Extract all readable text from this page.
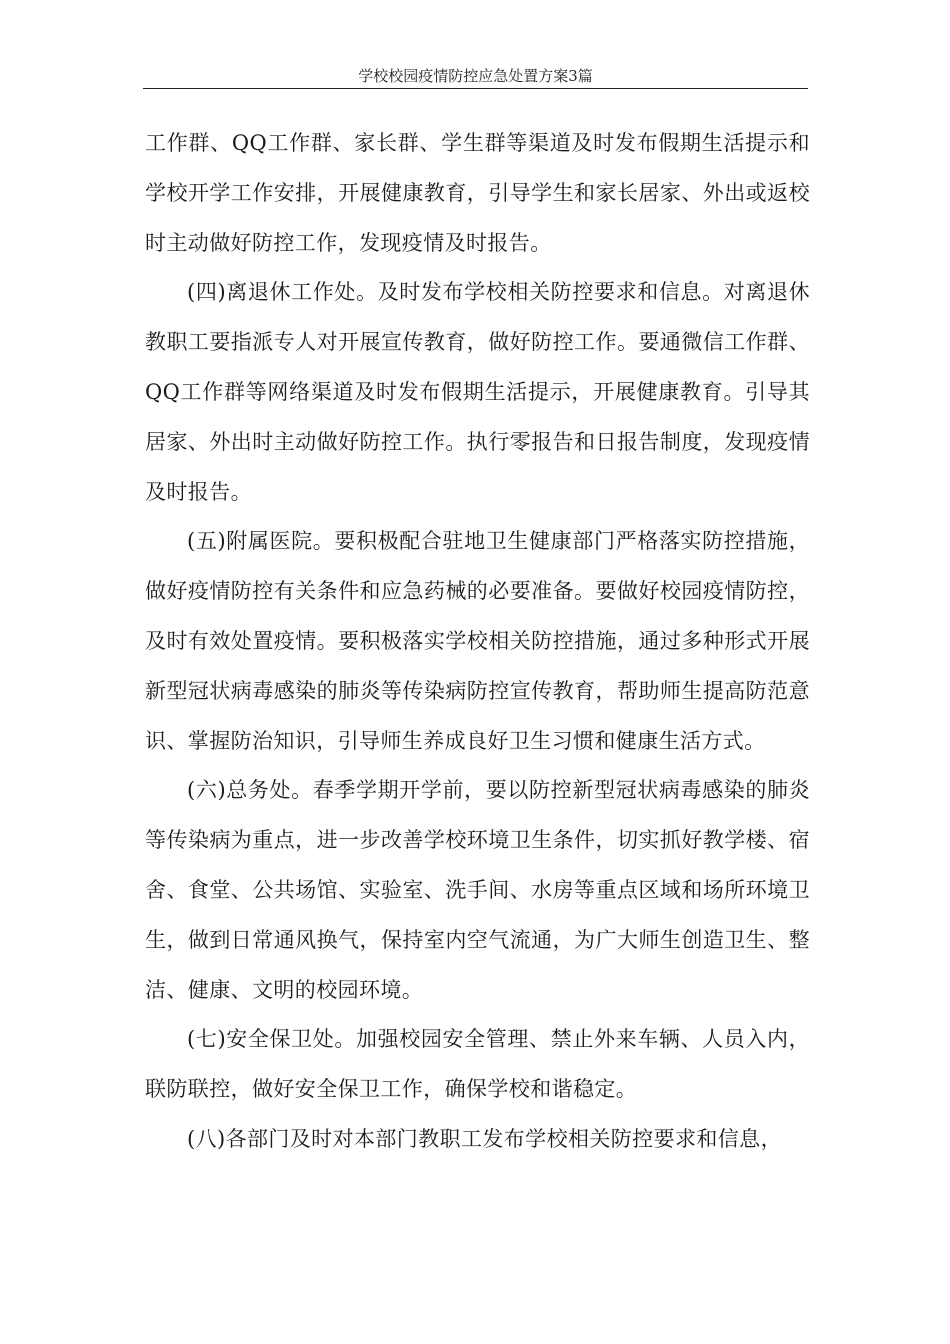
学校校园疫情防控应急处置方案3篇

工作群、QQ工作群、家长群、学生群等渠道及时发布假期生活提示和学校开学工作安排，开展健康教育，引导学生和家长居家、外出或返校时主动做好防控工作，发现疫情及时报告。

(四)离退休工作处。及时发布学校相关防控要求和信息。对离退休教职工要指派专人对开展宣传教育，做好防控工作。要通微信工作群、QQ工作群等网络渠道及时发布假期生活提示，开展健康教育。引导其居家、外出时主动做好防控工作。执行零报告和日报告制度，发现疫情及时报告。

(五)附属医院。要积极配合驻地卫生健康部门严格落实防控措施，做好疫情防控有关条件和应急药械的必要准备。要做好校园疫情防控，及时有效处置疫情。要积极落实学校相关防控措施，通过多种形式开展新型冠状病毒感染的肺炎等传染病防控宣传教育，帮助师生提高防范意识、掌握防治知识，引导师生养成良好卫生习惯和健康生活方式。

(六)总务处。春季学期开学前，要以防控新型冠状病毒感染的肺炎等传染病为重点，进一步改善学校环境卫生条件，切实抓好教学楼、宿舍、食堂、公共场馆、实验室、洗手间、水房等重点区域和场所环境卫生，做到日常通风换气，保持室内空气流通，为广大师生创造卫生、整洁、健康、文明的校园环境。

(七)安全保卫处。加强校园安全管理、禁止外来车辆、人员入内，联防联控，做好安全保卫工作，确保学校和谐稳定。

(八)各部门及时对本部门教职工发布学校相关防控要求和信息，
